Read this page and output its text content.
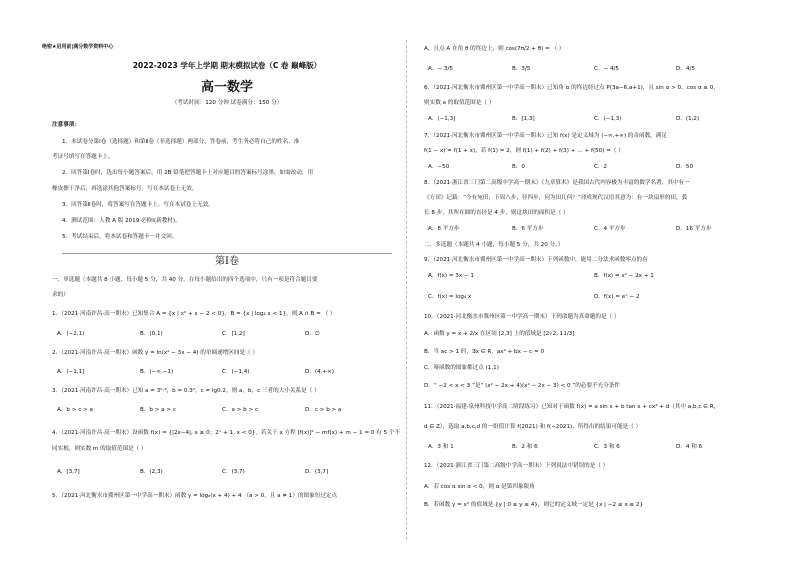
绝密★启用前|满分数学资料中心
2022-2023 学年上学期 期末模拟试卷（C 卷 巅峰版）
高一数学
（考试时间：120 分钟 试卷满分：150 分）
注意事项：
1．本试卷分第Ⅰ卷（选择题）和第Ⅱ卷（非选择题）两部分。答卷前，考生务必将自己的姓名、准
考证号填写在答题卡上。
2．回答第Ⅰ卷时，选出每小题答案后，用 2B 铅笔把答题卡上对应题目的答案标号涂黑。如需改动，用
橡皮擦干净后，再选涂其他答案标号。写在本试卷上无效。
3．回答第Ⅱ卷时，将答案写在答题卡上。写在本试卷上无效。
4．测试范围：人教 A 版 2019 必修Ⅰ(新教材)。
5．考试结束后，将本试卷和答题卡一并交回。
第Ⅰ卷
一、单选题（本题共 8 小题，每小题 5 分，共 40 分．在每小题给出的四个选项中，只有一项是符合题目要
求的）
1．（2021·河南许昌·高一期末）已知集合 A = {x | x² + x − 2 < 0}，B = {x | log₂ x < 1}，则 A ∩ B = （ ）
A．(−2,1)	B．(0,1)	C．[1,2]	D．∅
2．（2021·河南许昌·高一期末）函数 y = ln(x² − 3x − 4) 的单调递增区间是（ ）
A．(−1,1]	B．(−∞,−1)	C．(−1,4)	D．(4,+∞)
3．（2021·河南许昌·高一期末）已知 a = 3⁰·³，b = 0.3²，c = lg0.2，则 a，b，c 三者的大小关系是（ ）
A．b > c > a	B．b > a > c	C．a > b > c	D．c > b > a
4．（2021·河南许昌·高一期末）设函数 f(x) = {|2x−4|, x ≥ 0；2ˣ + 1, x < 0}，若关于 x 方程 [f(x)]² − mf(x) + m − 1 = 0 有 5 个不
同实根，则实数 m 的取值范围是（ ）
A．[3,7]	B．(2,3)	C．(3,7)	D．(3,7]
5．（2021·河北衡水市冀州区第一中学高一期末）函数 y = logₐ(x + 4) + 4 （a > 0，且 a ≠ 1）的图象恒过定点
A，且点 A 在角 θ 的终边上，则 cos(7π/2 + θ) = （ ）
A．− 3/5	B．3/5	C．− 4/5	D．4/5
6．（2021·河北衡水市冀州区第一中学高一期末）已知角 α 的终边经过点 P(3a−6,a+1)，且 sin α > 0，cos α ≤ 0，
则实数 a 的取值范围是（ ）
A．(−1,3]	B．[1,3]	C．(−1,3)	D．(1,2)
7．（2021·河北衡水市冀州区第一中学高一期末）已知 f(x) 是定义域为 (−∞,+∞) 的奇函数，满足
f(1 − x) = f(1 + x)，若 f(1) = 2，则 f(1) + f(2) + f(3) + … + f(50) =（ ）
A．−50	B．0	C．2	D．50
8．（2021·浙江省三门第二高级中学高一期末）《九章算术》是我国古代内容极为丰富的数学名著，其中有一
《方田》记载：“今有宛田，下周八步，径四步，问为田几何？”译成现代汉语其意为：有一块扇形的田，弧
长 8 步，其所在圆的直径是 4 步，则这块田的面积是（ ）
A．8 平方步	B．6 平方步	C．4 平方步	D．16 平方步
二、多选题（本题共 4 小题，每小题 5 分，共 20 分。）
9．（2021·河北衡水市冀州区第一中学高一期末）下列函数中，能用二分法求函数零点的有
A．f(x) = 3x − 1	B．f(x) = x² − 2x + 1
C．f(x) = log₄ x	D．f(x) = eˣ − 2
10．（2021·河北衡水市冀州区第一中学高一期末）下列命题为真命题的是（ ）
A．函数 y = x + 2/x 在区间 [2,3] 上的值域是 [2√2, 11/3]
B．当 ac > 1 时，∃x ∈ R，ax² + bx − c = 0
C．幂函数的图象都过点 (1,1)
D．“ −2 < x < 3 ”是“ (x² − 2x + 4)(x² − 2x − 3) < 0 ”的必要不充分条件
11．（2021·福建·泉州科技中学高二阶段练习）已知对于函数 f(x) = a sin x + b tan x + cx³ + d（其中 a,b,c ∈ R，
d ∈ Z），选取 a,b,c,d 的一组值计算 f(2021) 和 f(−2021)，所得出的结果可能是（ ）
A．3 和 1	B．2 和 6	C．3 和 6	D．4 和 6
12．（2021·浙江省三门第二高级中学高一期末）下列说法中错误的是（ ）
A．若 cos α sin α < 0，则 α 是第四象限角
B．若函数 y = x² 的值域是 {y | 0 ≤ y ≤ 4}，则它的定义域一定是 {x | −2 ≤ x ≤ 2}
